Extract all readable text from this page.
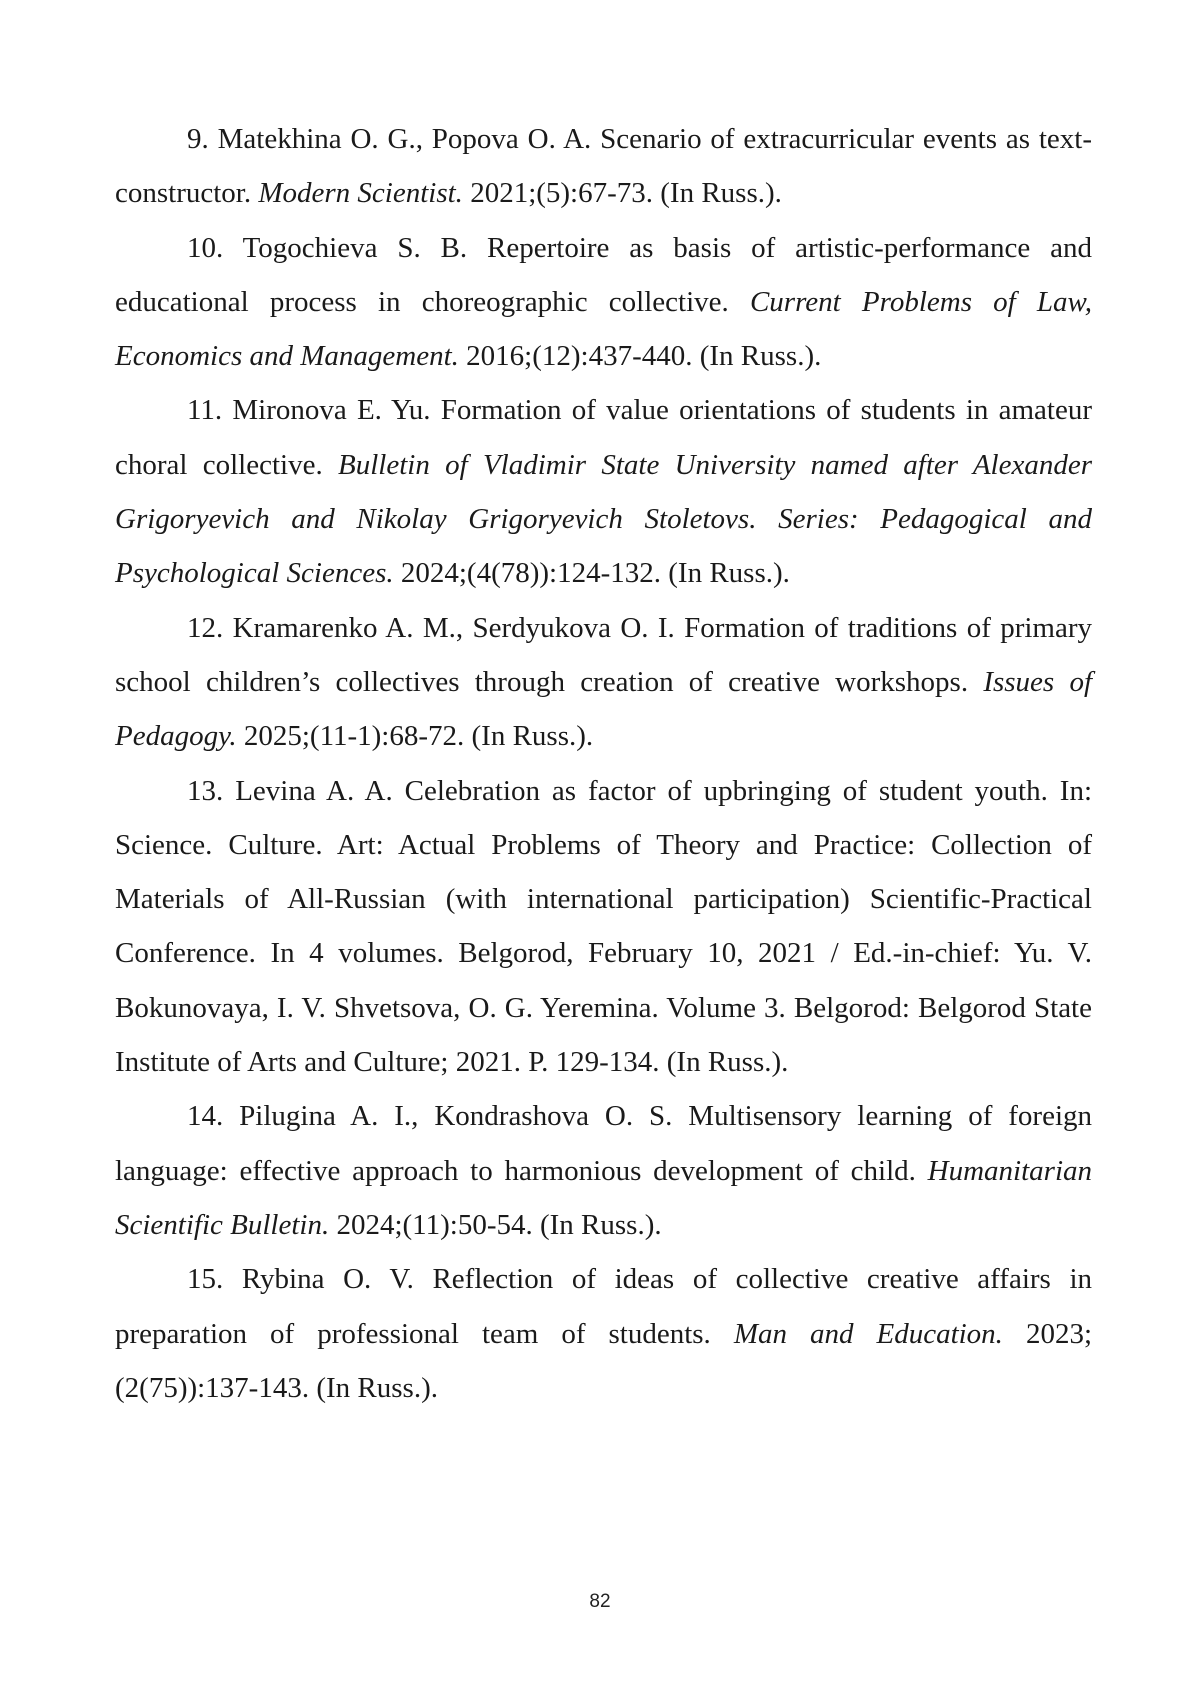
9. Matekhina O. G., Popova O. A. Scenario of extracurricular events as text-constructor. Modern Scientist. 2021;(5):67-73. (In Russ.).

10. Togochieva S. B. Repertoire as basis of artistic-performance and educational process in choreographic collective. Current Problems of Law, Economics and Management. 2016;(12):437-440. (In Russ.).

11. Mironova E. Yu. Formation of value orientations of students in amateur choral collective. Bulletin of Vladimir State University named after Alexander Grigoryevich and Nikolay Grigoryevich Stoletovs. Series: Pedagogical and Psychological Sciences. 2024;(4(78)):124-132. (In Russ.).

12. Kramarenko A. M., Serdyukova O. I. Formation of traditions of primary school children’s collectives through creation of creative workshops. Issues of Pedagogy. 2025;(11-1):68-72. (In Russ.).

13. Levina A. A. Celebration as factor of upbringing of student youth. In: Science. Culture. Art: Actual Problems of Theory and Practice: Collection of Materials of All-Russian (with international participation) Scientific-Practical Conference. In 4 volumes. Belgorod, February 10, 2021 / Ed.-in-chief: Yu. V. Bokunovaya, I. V. Shvetsova, O. G. Yeremina. Volume 3. Belgorod: Belgorod State Institute of Arts and Culture; 2021. P. 129-134. (In Russ.).

14. Pilugina A. I., Kondrashova O. S. Multisensory learning of foreign language: effective approach to harmonious development of child. Humanitarian Scientific Bulletin. 2024;(11):50-54. (In Russ.).

15. Rybina O. V. Reflection of ideas of collective creative affairs in preparation of professional team of students. Man and Education. 2023;(2(75)):137-143. (In Russ.).

82
